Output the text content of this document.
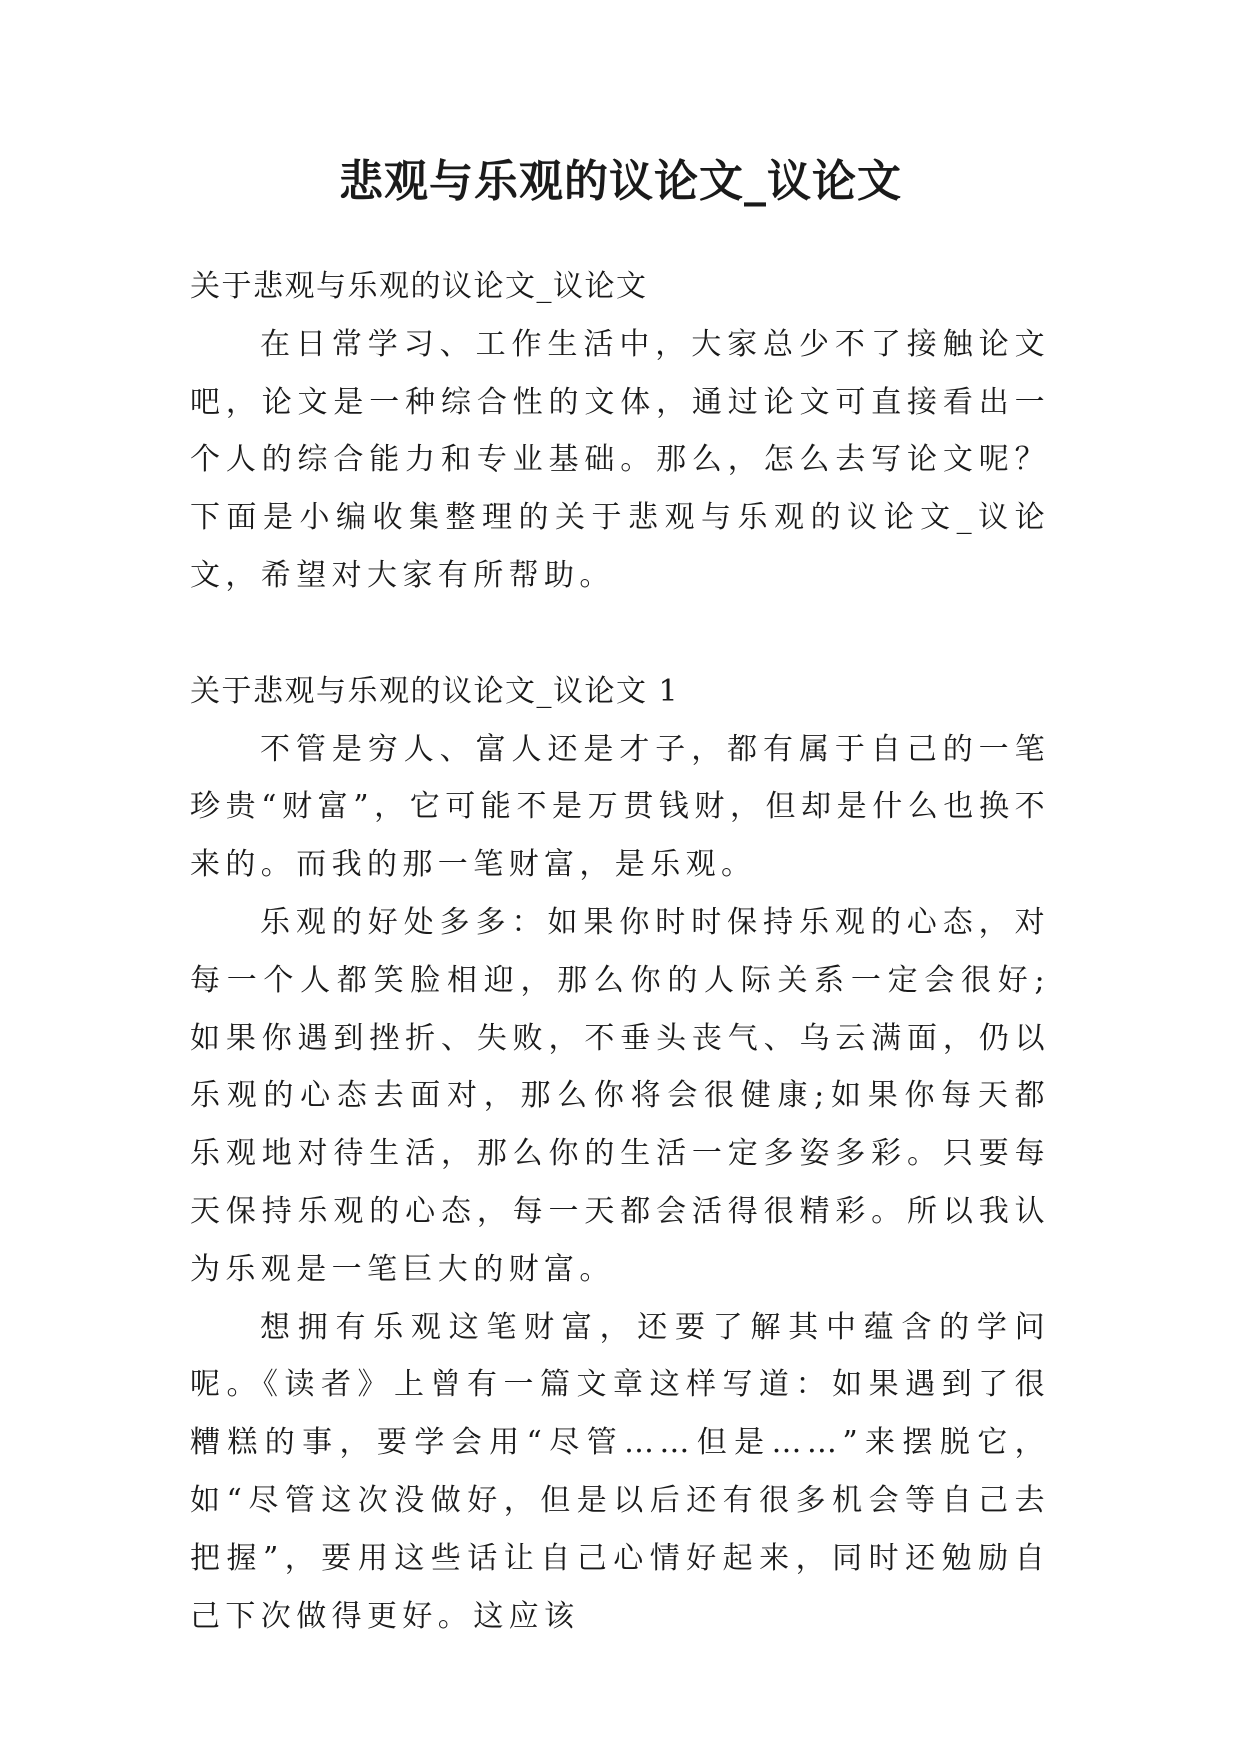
悲观与乐观的议论文_议论文

关于悲观与乐观的议论文_议论文

在日常学习、工作生活中，大家总少不了接触论文吧，论文是一种综合性的文体，通过论文可直接看出一个人的综合能力和专业基础。那么，怎么去写论文呢？下面是小编收集整理的关于悲观与乐观的议论文_议论文，希望对大家有所帮助。

关于悲观与乐观的议论文_议论文 1

不管是穷人、富人还是才子，都有属于自己的一笔珍贵“财富”，它可能不是万贯钱财，但却是什么也换不来的。而我的那一笔财富，是乐观。

乐观的好处多多：如果你时时保持乐观的心态，对每一个人都笑脸相迎，那么你的人际关系一定会很好;如果你遇到挫折、失败，不垂头丧气、乌云满面，仍以乐观的心态去面对，那么你将会很健康;如果你每天都乐观地对待生活，那么你的生活一定多姿多彩。只要每天保持乐观的心态，每一天都会活得很精彩。所以我认为乐观是一笔巨大的财富。

想拥有乐观这笔财富，还要了解其中蕴含的学问呢。《读者》上曾有一篇文章这样写道：如果遇到了很糟糕的事，要学会用“尽管……但是……”来摆脱它，如“尽管这次没做好，但是以后还有很多机会等自己去把握”，要用这些话让自己心情好起来，同时还勉励自己下次做得更好。这应该
